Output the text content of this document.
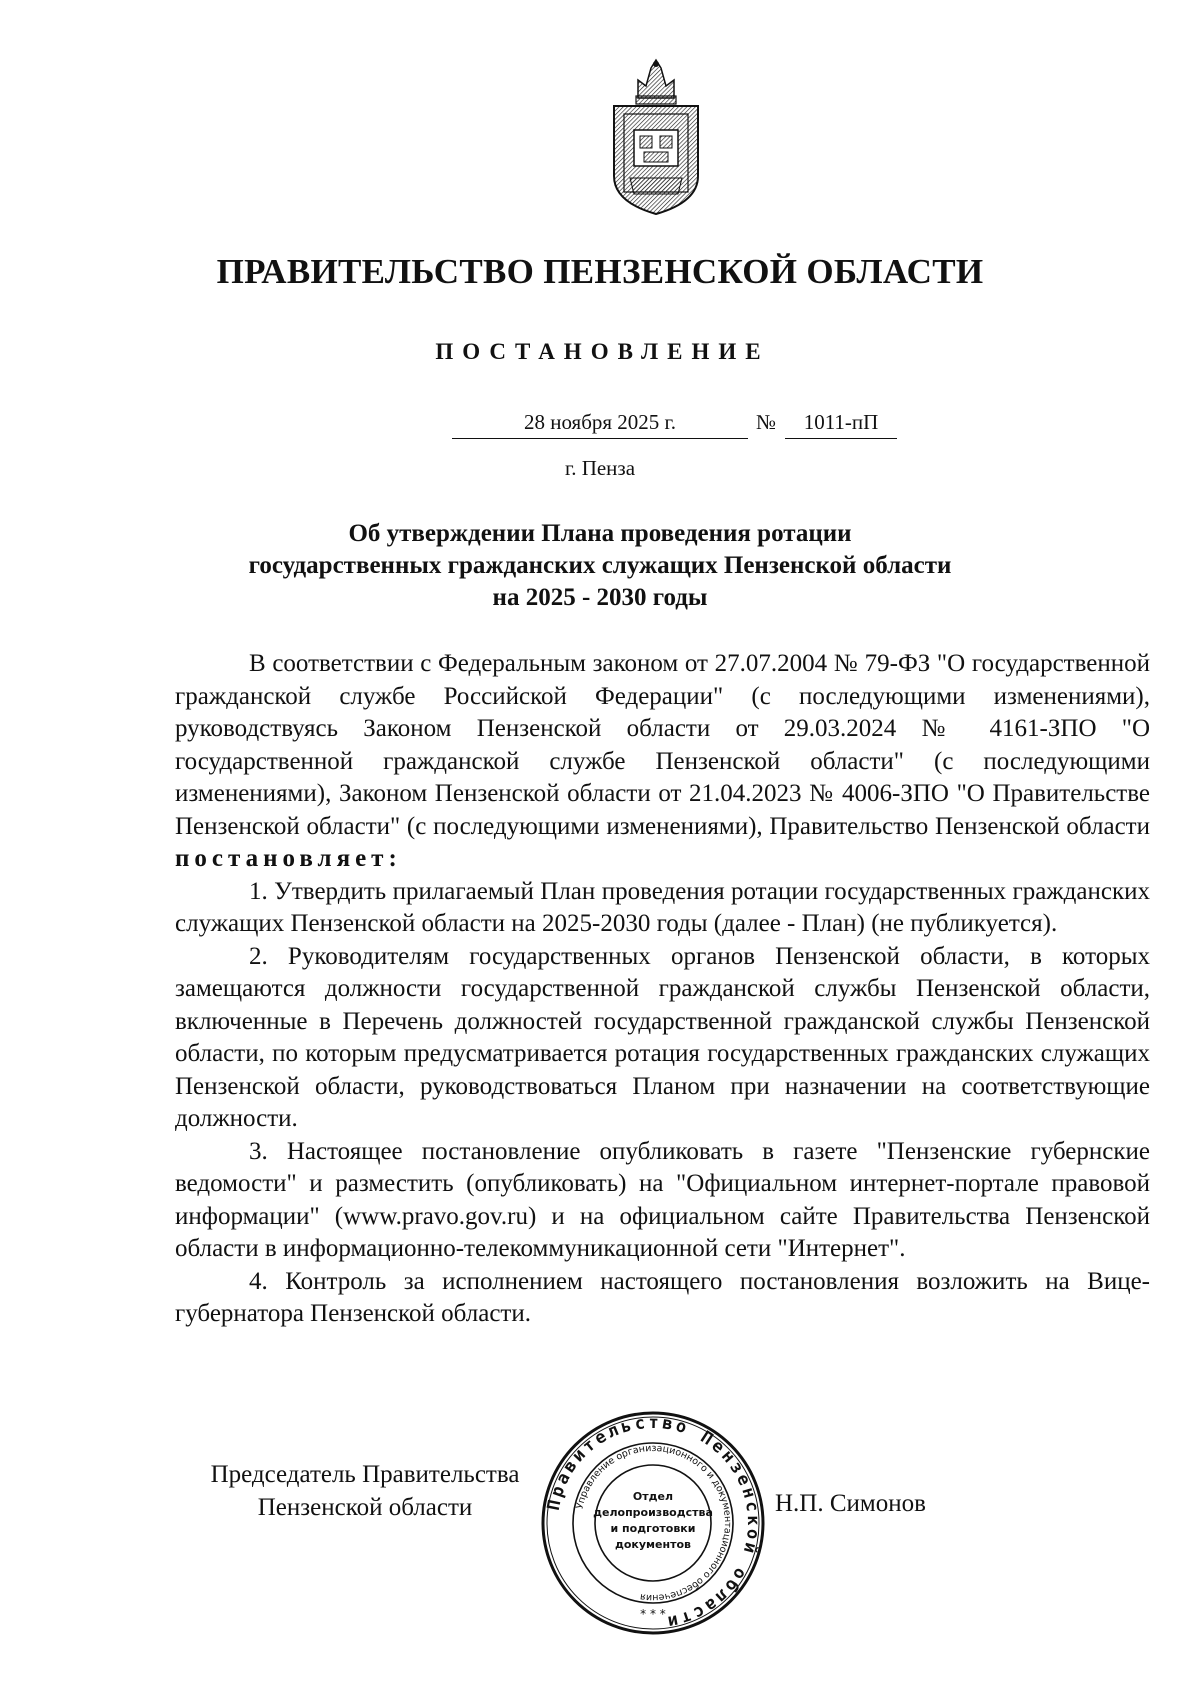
ПРАВИТЕЛЬСТВО ПЕНЗЕНСКОЙ ОБЛАСТИ
ПОСТАНОВЛЕНИЕ
28 ноября 2025 г.	№	1011-пП
г. Пенза
Об утверждении Плана проведения ротации
государственных гражданских служащих Пензенской области
на 2025 - 2030 годы

В соответствии с Федеральным законом от 27.07.2004 № 79-ФЗ "О государственной гражданской службе Российской Федерации" (с последующими изменениями), руководствуясь Законом Пензенской области от 29.03.2024 № 4161-ЗПО "О государственной гражданской службе Пензенской области" (с последующими изменениями), Законом Пензенской области от 21.04.2023 № 4006-ЗПО "О Правительстве Пензенской области" (с последующими изменениями), Правительство Пензенской области

постановляет:

1. Утвердить прилагаемый План проведения ротации государственных гражданских служащих Пензенской области на 2025-2030 годы (далее - План) (не публикуется).

2. Руководителям государственных органов Пензенской области, в которых замещаются должности государственной гражданской службы Пензенской области, включенные в Перечень должностей государственной гражданской службы Пензенской области, по которым предусматривается ротация государственных гражданских служащих Пензенской области, руководствоваться Планом при назначении на соответствующие должности.

3. Настоящее постановление опубликовать в газете "Пензенские губернские ведомости" и разместить (опубликовать) на "Официальном интернет-портале правовой информации" (www.pravo.gov.ru) и на официальном сайте Правительства Пензенской области в информационно-телекоммуникационной сети "Интернет".

4. Контроль за исполнением настоящего постановления возложить на Вице-губернатора Пензенской области.

Председатель Правительства
Пензенской области	Н.П. Симонов
Правительство Пензенской области
Управление организационного и документационного обеспечения
Отдел
делопроизводства
и подготовки
документов
* * *
